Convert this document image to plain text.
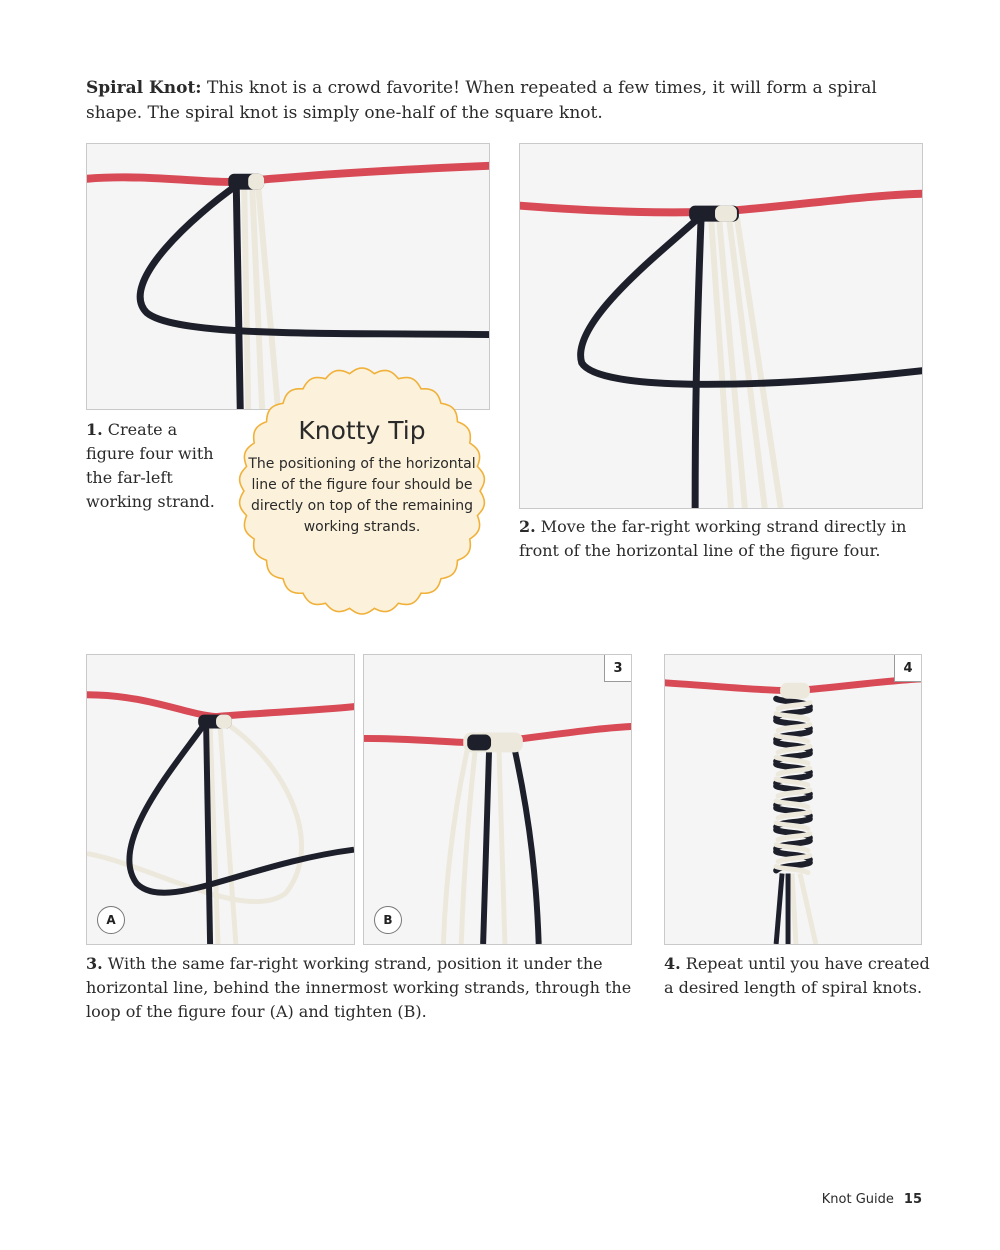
Spiral Knot: This knot is a crowd favorite! When repeated a few times, it will form a spiral shape. The spiral knot is simply one-half of the square knot.
1. Create a figure four with the far-left working strand.
2. Move the far-right working strand directly in front of the horizontal line of the figure four.
Knotty Tip
The positioning of the horizontal line of the figure four should be directly on top of the remaining working strands.
A
3
B
3. With the same far-right working strand, position it under the horizontal line, behind the innermost working strands, through the loop of the figure four (A) and tighten (B).
4
4. Repeat until you have created a desired length of spiral knots.
Knot Guide 15
